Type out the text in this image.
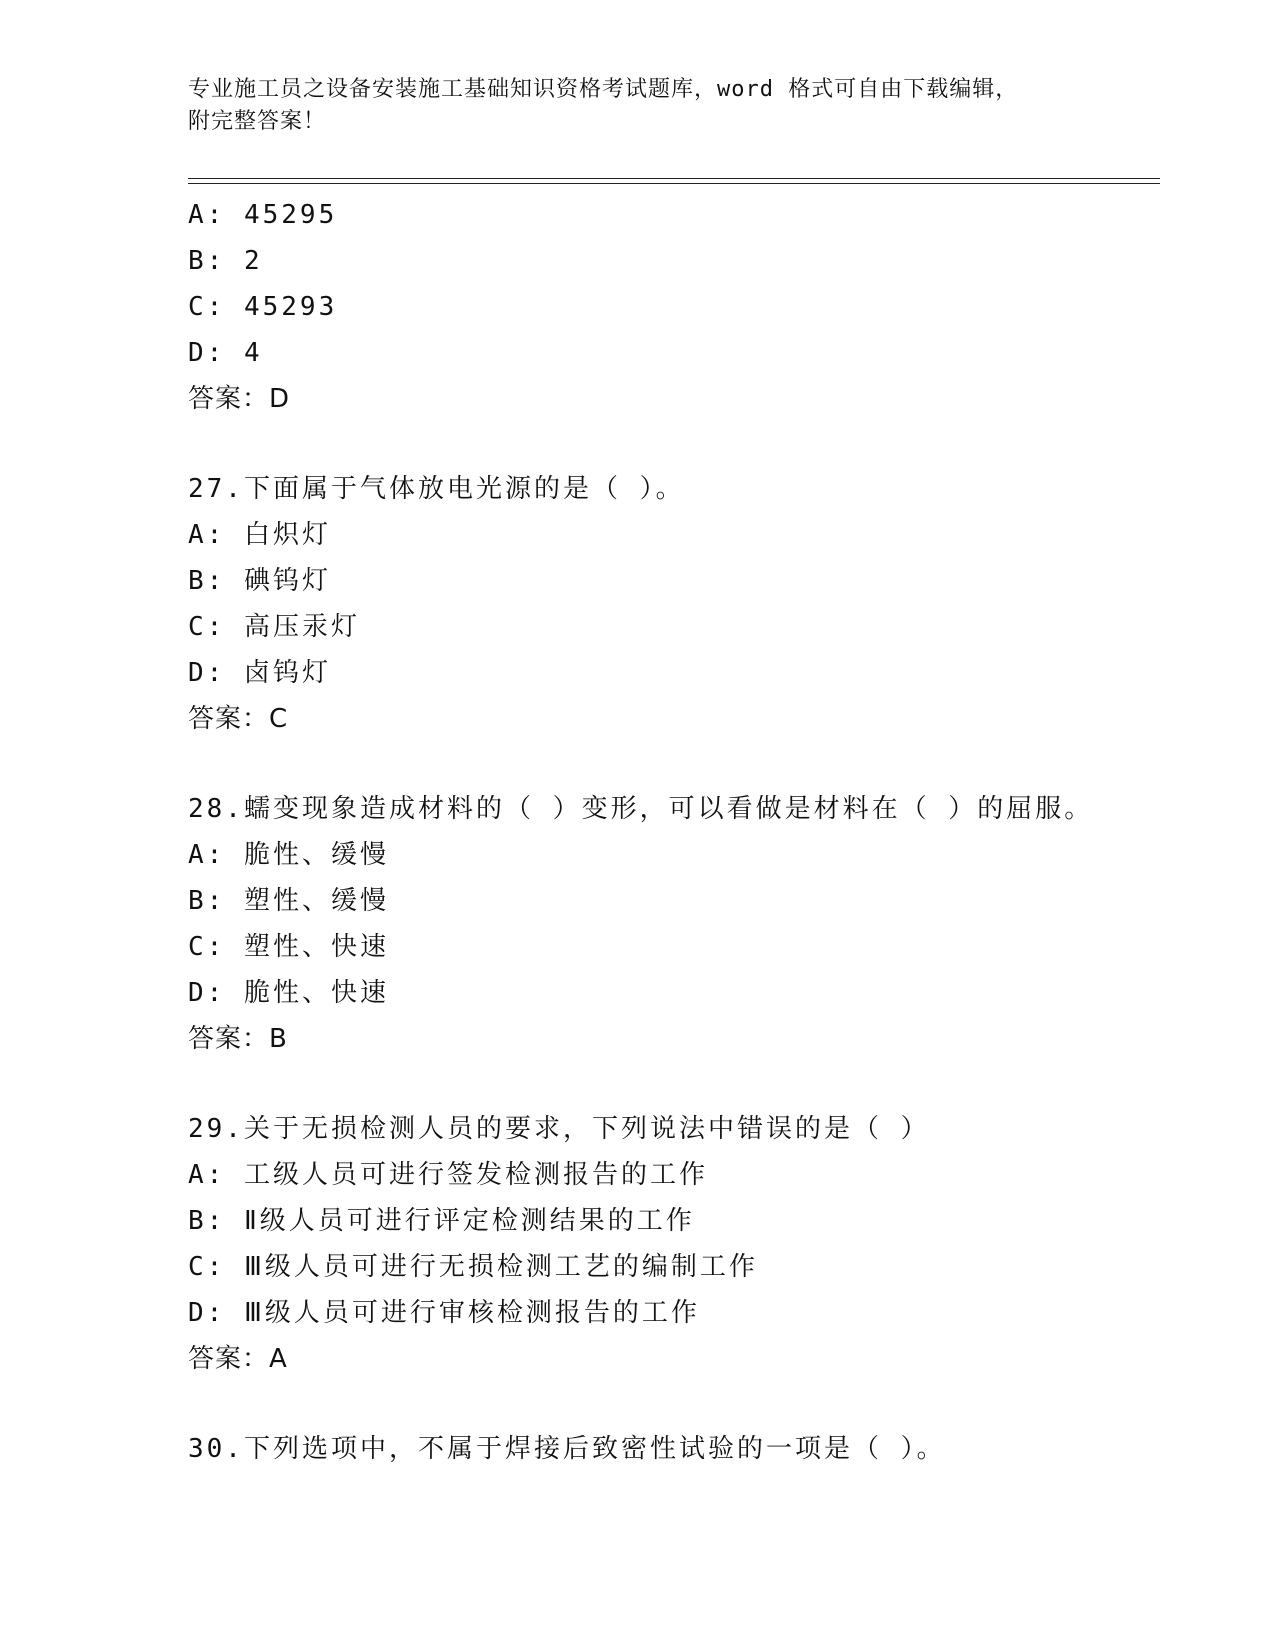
专业施工员之设备安装施工基础知识资格考试题库，word 格式可自由下载编辑，
附完整答案！
A: 45295
B: 2
C: 45293
D: 4
答案：D
27.下面属于气体放电光源的是（ ）。
A: 白炽灯
B: 碘钨灯
C: 高压汞灯
D: 卤钨灯
答案：C
28.蠕变现象造成材料的（ ）变形，可以看做是材料在（ ）的屈服。
A: 脆性、缓慢
B: 塑性、缓慢
C: 塑性、快速
D: 脆性、快速
答案：B
29.关于无损检测人员的要求，下列说法中错误的是（ ）
A: 工级人员可进行签发检测报告的工作
B: Ⅱ级人员可进行评定检测结果的工作
C: Ⅲ级人员可进行无损检测工艺的编制工作
D: Ⅲ级人员可进行审核检测报告的工作
答案：A
30.下列选项中，不属于焊接后致密性试验的一项是（ ）。
